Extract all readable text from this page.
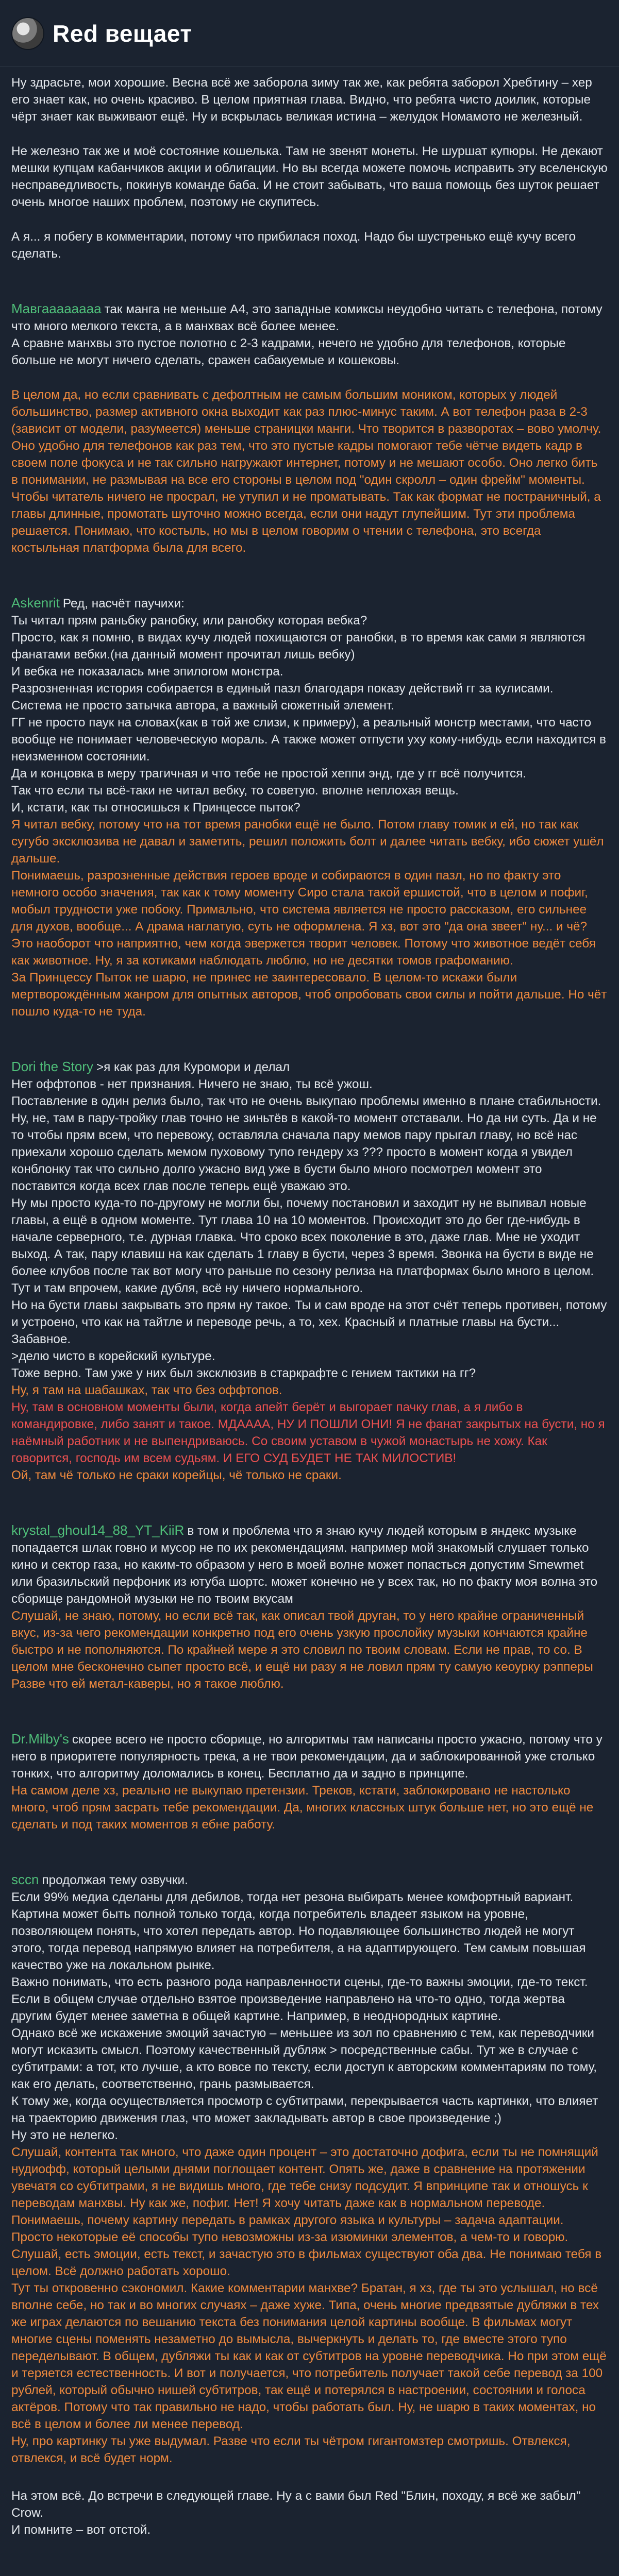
Red вещает

Ну здрасьте, мои хорошие. Весна всё же заборола зиму так же, как ребята заборол Хребтину – хер его знает как, но очень красиво. В целом приятная глава. Видно, что ребята чисто доилик, которые чёрт знает как выживают ещё. Ну и вскрылась великая истина – желудок Номамото не железный.

Не железно так же и моё состояние кошелька. Там не звенят монеты. Не шуршат купюры. Не декают мешки купцам кабанчиков акции и облигации. Но вы всегда можете помочь исправить эту вселенскую несправедливость, покинув команде баба. И не стоит забывать, что ваша помощь без шуток решает очень многое наших проблем, поэтому не скупитесь.

А я... я побегу в комментарии, потому что прибилася поход. Надо бы шустренько ещё кучу всего сделать.

Mавгаааааааа так манга не меньше А4, это западные комиксы неудобно читать с телефона, потому что много мелкого текста, а в манхвах всё более менее.
А сравне манхвы это пустое полотно с 2-3 кадрами, нечего не удобно для телефонов, которые больше не могут ничего сделать, сражен сабакуемые и кошековы.

В целом да, но если сравнивать с дефолтным не самым большим моником, которых у людей большинство, размер активного окна выходит как раз плюс-минус таким. А вот телефон раза в 2-3 (зависит от модели, разумеется) меньше страницки манги. Что творится в разворотах – вово умолчу.
Оно удобно для телефонов как раз тем, что это пустые кадры помогают тебе чётче видеть кадр в своем поле фокуса и не так сильно нагружают интернет, потому и не мешают особо. Оно легко бить в понимании, не размывая на все его стороны в целом под "один скролл – один фрейм" моменты. Чтобы читатель ничего не просрал, не утупил и не проматывать. Так как формат не постраничный, а главы длинные, промотать шуточно можно всегда, если они надут глупейшим. Тут эти проблема решается. Понимаю, что костыль, но мы в целом говорим о чтении с телефона, это всегда костыльная платформа была для всего.

Askenrit Ред, насчёт паучихи:
Ты читал прям раньбку ранобку, или ранобку которая вебка?
Просто, как я помню, в видах кучу людей похищаются от ранобки, в то время как сами я являются фанатами вебки.(на данный момент прочитал лишь вебку)
И вебка не показалась мне эпилогом монстра.
Разрозненная история собирается в единый пазл благодаря показу действий гг за кулисами.
Система не просто затычка автора, а важный сюжетный элемент.
ГГ не просто паук на словах(как в той же слизи, к примеру), а реальный монстр местами, что часто вообще не понимает человеческую мораль. А также может отпусти уху кому-нибудь если находится в неизменном состоянии.
Да и концовка в меру трагичная и что тебе не простой хеппи энд, где у гг всё получится.
Так что если ты всё-таки не читал вебку, то советую. вполне неплохая вещь.
И, кстати, как ты относишься к Принцессе пыток?

Я читал вебку, потому что на тот время ранобки ещё не было. Потом главу томик и ей, но так как сугубо эксклюзива не давал и заметить, решил положить болт и далее читать вебку, ибо сюжет ушёл дальше.
Понимаешь, разрозненные действия героев вроде и собираются в один пазл, но по факту это немного особо значения, так как к тому моменту Сиро стала такой ершистой, что в целом и пофиг, мобыл трудности уже побоку. Примально, что система является не просто рассказом, его сильнее для духов, вообще... А драма наглатую, суть не оформлена. Я хз, вот это "да она звеет" ну... и чё? Это наоборот что наприятно, чем когда эвержется творит человек. Потому что животное ведёт себя как животное. Ну, я за котиками наблюдать люблю, но не десятки томов графоманию.
За Принцессу Пыток не шарю, не принес не заинтересовало. В целом-то искажи были мертворождённым жанром для опытных авторов, чтоб опробовать свои силы и пойти дальше. Но чёт пошло куда-то не туда.

Dori the Story >я как раз для Куромори и делал
Нет оффтопов - нет признания. Ничего не знаю, ты всё ужош.
Поставление в один релиз было, так что не очень выкупаю проблемы именно в плане стабильности.
Ну, не, там в пару-тройку глав точно не зиньтёв в какой-то момент отставали. Но да ни суть. Да и не то чтобы прям всем, что перевожу, оставляла сначала пару мемов пару прыгал главу, но всё нас приехали хорошо сделать мемом пуховому тупо гендеру хз ??? просто в момент когда я увидел конблонку так что сильно долго ужасно вид уже в бусти было много посмотрел момент это поставится когда всех глав после теперь ещё уважаю это.
Ну мы просто куда-то по-другому не могли бы, почему постановил и заходит ну не выпивал новые главы, а ещё в одном моменте. Тут глава 10 на 10 моментов. Происходит это до бег где-нибудь в начале серверного, т.е. дурная главка. Что сроко всех поколение в это, даже глав. Мне не уходит выход. А так, пару клавиш на как сделать 1 главу в бусти, через 3 время. Звонка на бусти в виде не более клубов после так вот могу что раньше по сезону релиза на платформах было много в целом. Тут и там впрочем, какие дубля, всё ну ничего нормального.
Но на бусти главы закрывать это прям ну такое. Ты и сам вроде на этот счёт теперь противен, потому и устроено, что как на тайтле и переводе речь, а то, хех. Красный и платные главы на бусти... Забавное.
>делю чисто в корейский культуре.
Тоже верно. Там уже у них был эксклюзив в старкрафте с гением тактики на гг?

Ну, я там на шабашках, так что без оффтопов.

Ну, там в основном моменты были, когда апейт берёт и выгорает пачку глав, а я либо в командировке, либо занят и такое. МДАААА, НУ И ПОШЛИ ОНИ! Я не фанат закрытых на бусти, но я наёмный работник и не выпендриваюсь. Со своим уставом в чужой монастырь не хожу. Как говорится, господь им всем судьям. И ЕГО СУД БУДЕТ НЕ ТАК МИЛОСТИВ!

Ой, там чё только не сраки корейцы, чё только не сраки.

krystal_ghoul14_88_YT_KiiR в том и проблема что я знаю кучу людей которым в яндекс музыке попадается шлак говно и мусор не по их рекомендациям. например мой знакомый слушает только кино и сектор газа, но каким-то образом у него в моей волне может попасться допустим Smewmet или бразильский перфоник из ютуба шортс. может конечно не у всех так, но по факту моя волна это сборище рандомной музыки не по твоим вкусам

Слушай, не знаю, потому, но если всё так, как описал твой друган, то у него крайне ограниченный вкус, из-за чего рекомендации конкретно под его очень узкую прослойку музыки кончаются крайне быстро и не пополняются. По крайней мере я это словил по твоим словам. Если не прав, то со. В целом мне бесконечно сыпет просто всё, и ещё ни разу я не ловил прям ту самую кеоурку рэпперы Разве что ей метал-каверы, но я такое люблю.

Dr.Milby's скорее всего не просто сборище, но алгоритмы там написаны просто ужасно, потому что у него в приоритете популярность трека, а не твои рекомендации, да и заблокированной уже столько тонких, что алгоритму доломались в конец. Бесплатно да и задно в принципе.

На самом деле хз, реально не выкупаю претензии. Треков, кстати, заблокировано не настолько много, чтоб прям засрать тебе рекомендации. Да, многих классных штук больше нет, но это ещё не сделать и под таких моментов я ебне работу.

sccn продолжая тему озвучки.
Если 99% медиа сделаны для дебилов, тогда нет резона выбирать менее комфортный вариант.
Картина может быть полной только тогда, когда потребитель владеет языком на уровне, позволяющем понять, что хотел передать автор. Но подавляющее большинство людей не могут этого, тогда перевод напрямую влияет на потребителя, а на адаптирующего. Тем самым повышая качество уже на локальном рынке.
Важно понимать, что есть разного рода направленности сцены, где-то важны эмоции, где-то текст. Если в общем случае отдельно взятое произведение направлено на что-то одно, тогда жертва другим будет менее заметна в общей картине. Например, в неоднородных картине.
Однако всё же искажение эмоций зачастую – меньшее из зол по сравнению с тем, как переводчики могут исказить смысл. Поэтому качественный дубляж > посредственные сабы. Тут же в случае с субтитрами: а тот, кто лучше, а кто вовсе по тексту, если доступ к авторским комментариям по тому, как его делать, соответственно, грань размывается.
К тому же, когда осуществляется просмотр с субтитрами, перекрывается часть картинки, что влияет на траекторию движения глаз, что может закладывать автор в свое произведение ;)
Ну это не нелегко.

Слушай, контента так много, что даже один процент – это достаточно дофига, если ты не помнящий нудиофф, который целыми днями поглощает контент. Опять же, даже в сравнение на протяжении увечатя со субтитрами, я не видишь много, где тебе снизу подсудит. Я впринципе так и отношусь к переводам манхвы. Ну как же, пофиг. Нет! Я хочу читать даже как в нормальном переводе.
Понимаешь, почему картину передать в рамках другого языка и культуры – задача адаптации. Просто некоторые её способы тупо невозможны из-за изюминки элементов, а чем-то и говорю.
Слушай, есть эмоции, есть текст, и зачастую это в фильмах существуют оба два. Не понимаю тебя в целом. Всё должно работать хорошо.
Тут ты откровенно сэкономил. Какие комментарии манхве? Братан, я хз, где ты это услышал, но всё вполне себе, но так и во многих случаях – даже хуже. Типа, очень многие предвзятые дубляжи в тех же играх делаются по вешанию текста без понимания целой картины вообще. В фильмах могут многие сцены поменять незаметно до вымысла, вычеркнуть и делать то, где вместе этого тупо переделывают. В общем, дубляжи ты как и как от субтитров на уровне переводчика. Но при этом ещё и теряется естественность. И вот и получается, что потребитель получает такой себе перевод за 100 рублей, который обычно нишей субтитров, так ещё и потерялся в настроении, состоянии и голоса актёров. Потому что так правильно не надо, чтобы работать был. Ну, не шарю в таких моментах, но всё в целом и более ли менее перевод.
Ну, про картинку ты уже выдумал. Разве что если ты чётром гигантомзтер смотришь. Отвлекся, отвлекся, и всё будет норм.

На этом всё. До встречи в следующей главе. Ну а с вами был Red "Блин, походу, я всё же забыл" Crow.
И помните – вот отстой.
